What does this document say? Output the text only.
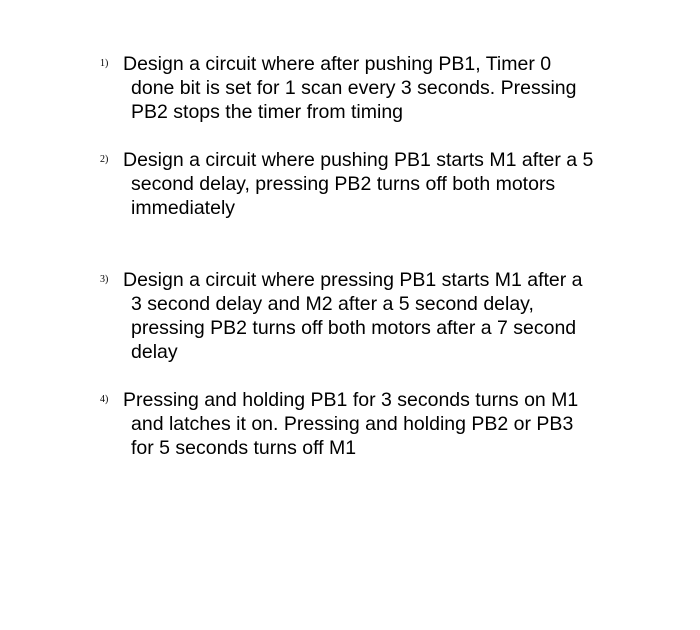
1) Design a circuit where after pushing PB1, Timer 0
done bit is set for 1 scan every 3 seconds. Pressing
PB2 stops the timer from timing

2) Design a circuit where pushing PB1 starts M1 after a 5
second delay, pressing PB2 turns off both motors
immediately

3) Design a circuit where pressing PB1 starts M1 after a
3 second delay and M2 after a 5 second delay,
pressing PB2 turns off both motors after a 7 second
delay

4) Pressing and holding PB1 for 3 seconds turns on M1
and latches it on. Pressing and holding PB2 or PB3
for 5 seconds turns off M1
